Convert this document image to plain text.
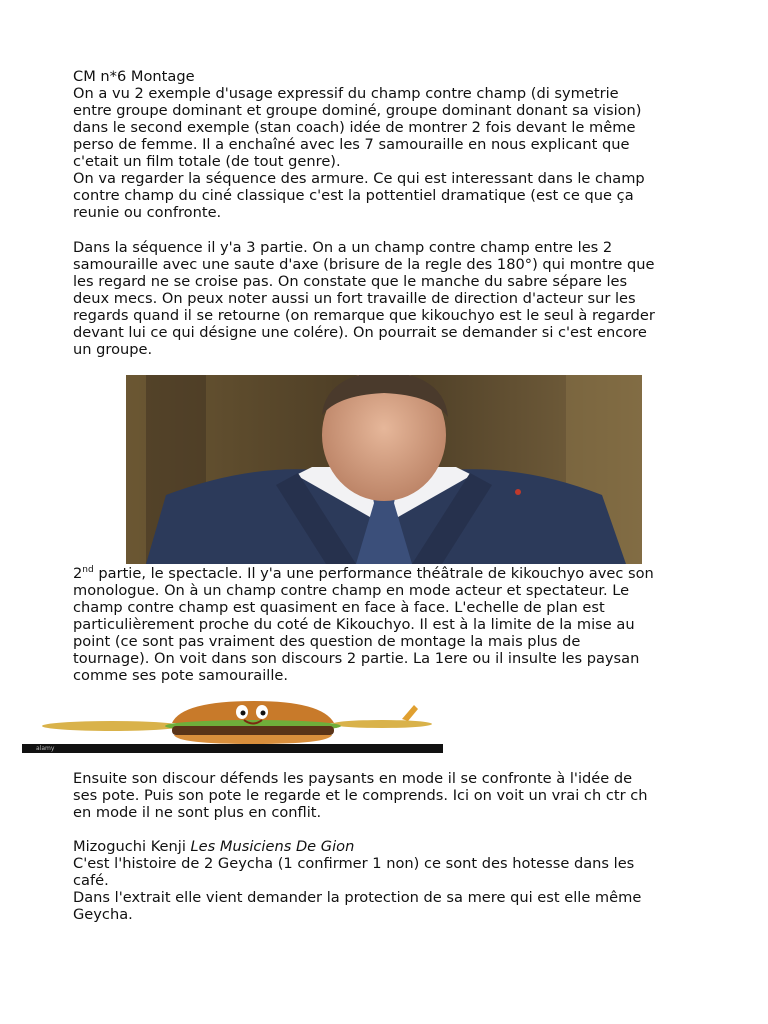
CM n*6 Montage
On a vu 2 exemple d'usage expressif du champ contre champ (di symetrie
entre groupe dominant et groupe dominé, groupe dominant donant sa vision)
dans le second exemple (stan coach) idée de montrer 2 fois devant le même
perso de femme. Il a enchaîné avec les 7 samouraille en nous explicant que
c'etait un film totale (de tout genre).
On va regarder la séquence des armure. Ce qui est interessant dans le champ
contre champ du ciné classique c'est la pottentiel dramatique (est ce que ça
reunie ou confronte.
Dans la séquence il y'a 3 partie. On a un champ contre champ entre les 2
samouraille avec une saute d'axe (brisure de la regle des 180°) qui montre que
les regard ne se croise pas. On constate que le manche du sabre sépare les
deux mecs. On peux noter aussi un fort travaille de direction d'acteur sur les
regards quand il se retourne (on remarque que kikouchyo est le seul à regarder
devant lui ce qui désigne une colére). On pourrait se demander si c'est encore
un groupe.
2nd partie, le spectacle. Il y'a une performance théâtrale de kikouchyo avec son
monologue. On à un champ contre champ en mode acteur et spectateur. Le
champ contre champ est quasiment en face à face. L'echelle de plan est
particulièrement proche du coté de Kikouchyo. Il est à la limite de la mise au
point (ce sont pas vraiment des question de montage la mais plus de
tournage). On voit dans son discours 2 partie. La 1ere ou il insulte les paysan
comme ses pote samouraille.
alamy
Ensuite son discour défends les paysants en mode il se confronte à l'idée de
ses pote. Puis son pote le regarde et le comprends. Ici on voit un vrai ch ctr ch
en mode il ne sont plus en conflit.
Mizoguchi Kenji Les Musiciens De Gion
C'est l'histoire de 2 Geycha (1 confirmer 1 non) ce sont des hotesse dans les
café.
Dans l'extrait elle vient demander la protection de sa mere qui est elle même
Geycha.
